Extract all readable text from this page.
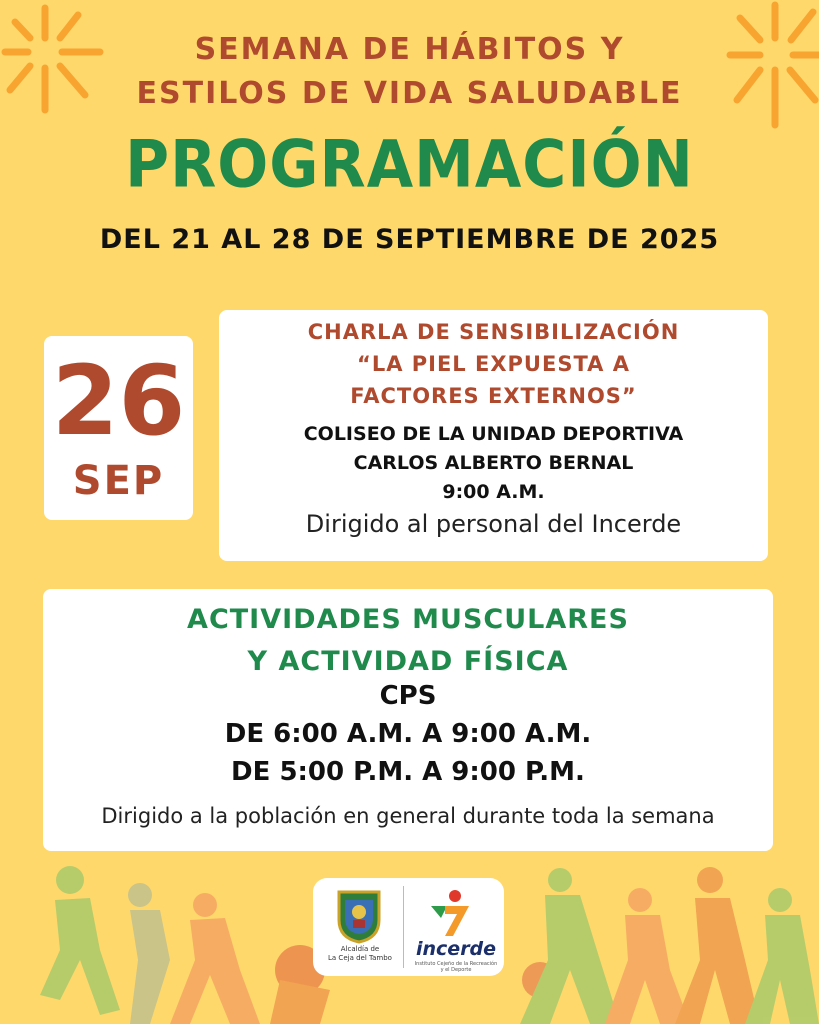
SEMANA DE HÁBITOS Y
ESTILOS DE VIDA SALUDABLE
PROGRAMACIÓN
DEL 21 AL 28 DE SEPTIEMBRE DE 2025
26
SEP
CHARLA DE SENSIBILIZACIÓN
“LA PIEL EXPUESTA A
FACTORES EXTERNOS”
COLISEO DE LA UNIDAD DEPORTIVA
CARLOS ALBERTO BERNAL
9:00 A.M.
Dirigido al personal del Incerde
ACTIVIDADES MUSCULARES
Y ACTIVIDAD FÍSICA
CPS
DE 6:00 A.M. A 9:00 A.M.
DE 5:00 P.M. A 9:00 P.M.
Dirigido a la población en general durante toda la semana
Alcaldía de
La Ceja del Tambo	incerde
Instituto Cejeño de la Recreación y el Deporte
